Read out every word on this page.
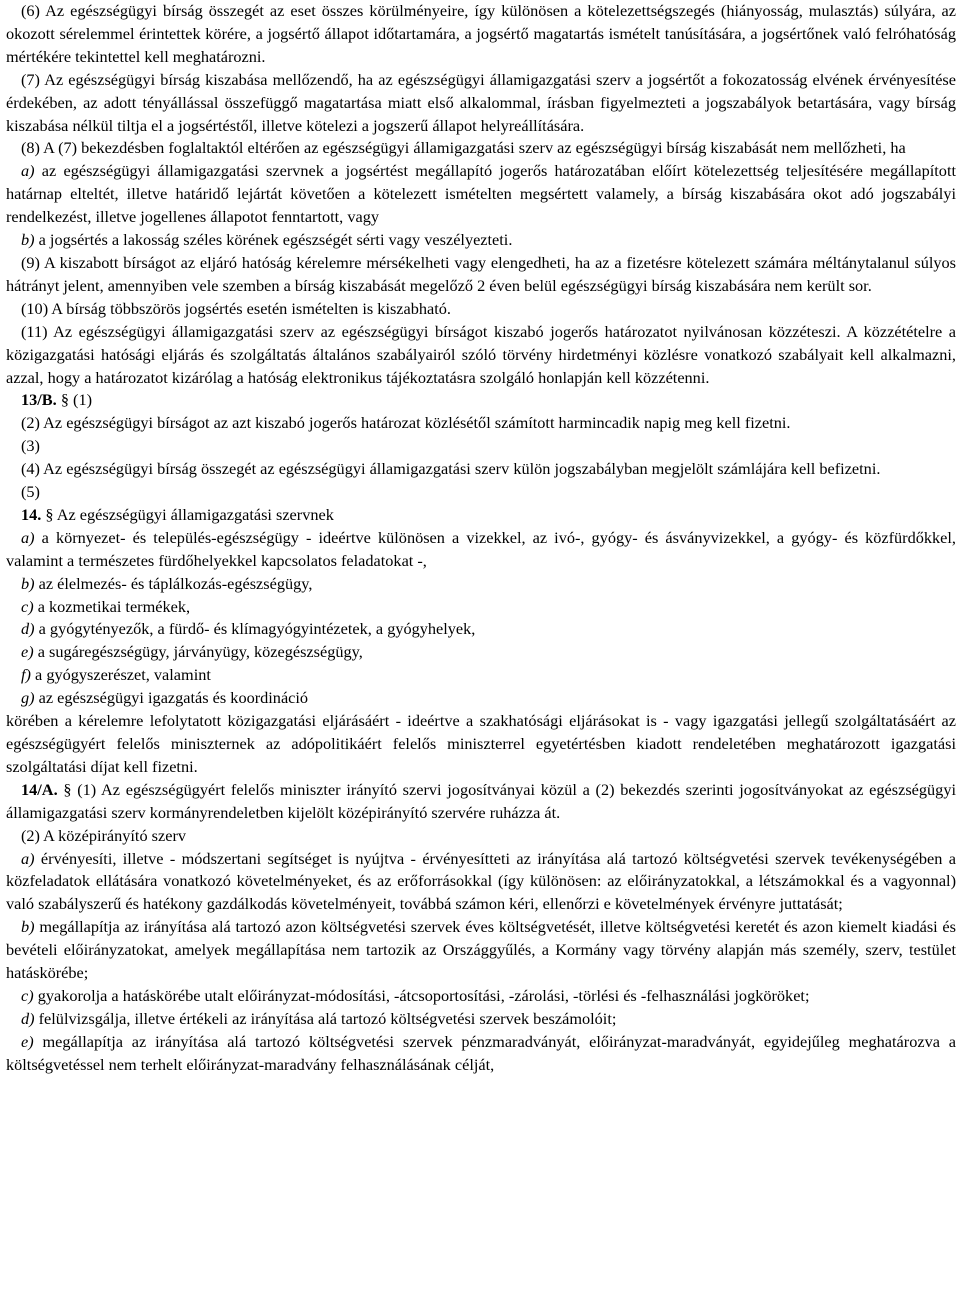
(6) Az egészségügyi bírság összegét az eset összes körülményeire, így különösen a kötelezettségszegés (hiányosság, mulasztás) súlyára, az okozott sérelemmel érintettek körére, a jogsértő állapot időtartamára, a jogsértő magatartás ismételt tanúsítására, a jogsértőnek való felróhatóság mértékére tekintettel kell meghatározni.

(7) Az egészségügyi bírság kiszabása mellőzendő, ha az egészségügyi államigazgatási szerv a jogsértőt a fokozatosság elvének érvényesítése érdekében, az adott tényállással összefüggő magatartása miatt első alkalommal, írásban figyelmezteti a jogszabályok betartására, vagy bírság kiszabása nélkül tiltja el a jogsértéstől, illetve kötelezi a jogszerű állapot helyreállítására.

(8) A (7) bekezdésben foglaltaktól eltérően az egészségügyi államigazgatási szerv az egészségügyi bírság kiszabását nem mellőzheti, ha

a) az egészségügyi államigazgatási szervnek a jogsértést megállapító jogerős határozatában előírt kötelezettség teljesítésére megállapított határnap elteltét, illetve határidő lejártát követően a kötelezett ismételten megsértett valamely, a bírság kiszabására okot adó jogszabályi rendelkezést, illetve jogellenes állapotot fenntartott, vagy

b) a jogsértés a lakosság széles körének egészségét sérti vagy veszélyezteti.

(9) A kiszabott bírságot az eljáró hatóság kérelemre mérsékelheti vagy elengedheti, ha az a fizetésre kötelezett számára méltánytalanul súlyos hátrányt jelent, amennyiben vele szemben a bírság kiszabását megelőző 2 éven belül egészségügyi bírság kiszabására nem került sor.

(10) A bírság többszörös jogsértés esetén ismételten is kiszabható.

(11) Az egészségügyi államigazgatási szerv az egészségügyi bírságot kiszabó jogerős határozatot nyilvánosan közzéteszi. A közzétételre a közigazgatási hatósági eljárás és szolgáltatás általános szabályairól szóló törvény hirdetményi közlésre vonatkozó szabályait kell alkalmazni, azzal, hogy a határozatot kizárólag a hatóság elektronikus tájékoztatásra szolgáló honlapján kell közzétenni.

13/B. § (1)

(2) Az egészségügyi bírságot az azt kiszabó jogerős határozat közlésétől számított harmincadik napig meg kell fizetni.

(3)

(4) Az egészségügyi bírság összegét az egészségügyi államigazgatási szerv külön jogszabályban megjelölt számlájára kell befizetni.

(5)

14. § Az egészségügyi államigazgatási szervnek

a) a környezet- és település-egészségügy - ideértve különösen a vizekkel, az ivó-, gyógy- és ásványvizekkel, a gyógy- és közfürdőkkel, valamint a természetes fürdőhelyekkel kapcsolatos feladatokat -,

b) az élelmezés- és táplálkozás-egészségügy,

c) a kozmetikai termékek,

d) a gyógytényezők, a fürdő- és klímagyógyintézetek, a gyógyhelyek,

e) a sugáregészségügy, járványügy, közegészségügy,

f) a gyógyszerészet, valamint

g) az egészségügyi igazgatás és koordináció

körében a kérelemre lefolytatott közigazgatási eljárásáért - ideértve a szakhatósági eljárásokat is - vagy igazgatási jellegű szolgáltatásáért az egészségügyért felelős miniszternek az adópolitikáért felelős miniszterrel egyetértésben kiadott rendeletében meghatározott igazgatási szolgáltatási díjat kell fizetni.

14/A. § (1) Az egészségügyért felelős miniszter irányító szervi jogosítványai közül a (2) bekezdés szerinti jogosítványokat az egészségügyi államigazgatási szerv kormányrendeletben kijelölt középirányító szervére ruházza át.

(2) A középirányító szerv

a) érvényesíti, illetve - módszertani segítséget is nyújtva - érvényesítteti az irányítása alá tartozó költségvetési szervek tevékenységében a közfeladatok ellátására vonatkozó követelményeket, és az erőforrásokkal (így különösen: az előirányzatokkal, a létszámokkal és a vagyonnal) való szabályszerű és hatékony gazdálkodás követelményeit, továbbá számon kéri, ellenőrzi e követelmények érvényre juttatását;

b) megállapítja az irányítása alá tartozó azon költségvetési szervek éves költségvetését, illetve költségvetési keretét és azon kiemelt kiadási és bevételi előirányzatokat, amelyek megállapítása nem tartozik az Országgyűlés, a Kormány vagy törvény alapján más személy, szerv, testület hatáskörébe;

c) gyakorolja a hatáskörébe utalt előirányzat-módosítási, -átcsoportosítási, -zárolási, -törlési és -felhasználási jogköröket;

d) felülvizsgálja, illetve értékeli az irányítása alá tartozó költségvetési szervek beszámolóit;

e) megállapítja az irányítása alá tartozó költségvetési szervek pénzmaradványát, előirányzat-maradványát, egyidejűleg meghatározva a költségvetéssel nem terhelt előirányzat-maradvány felhasználásának célját,
